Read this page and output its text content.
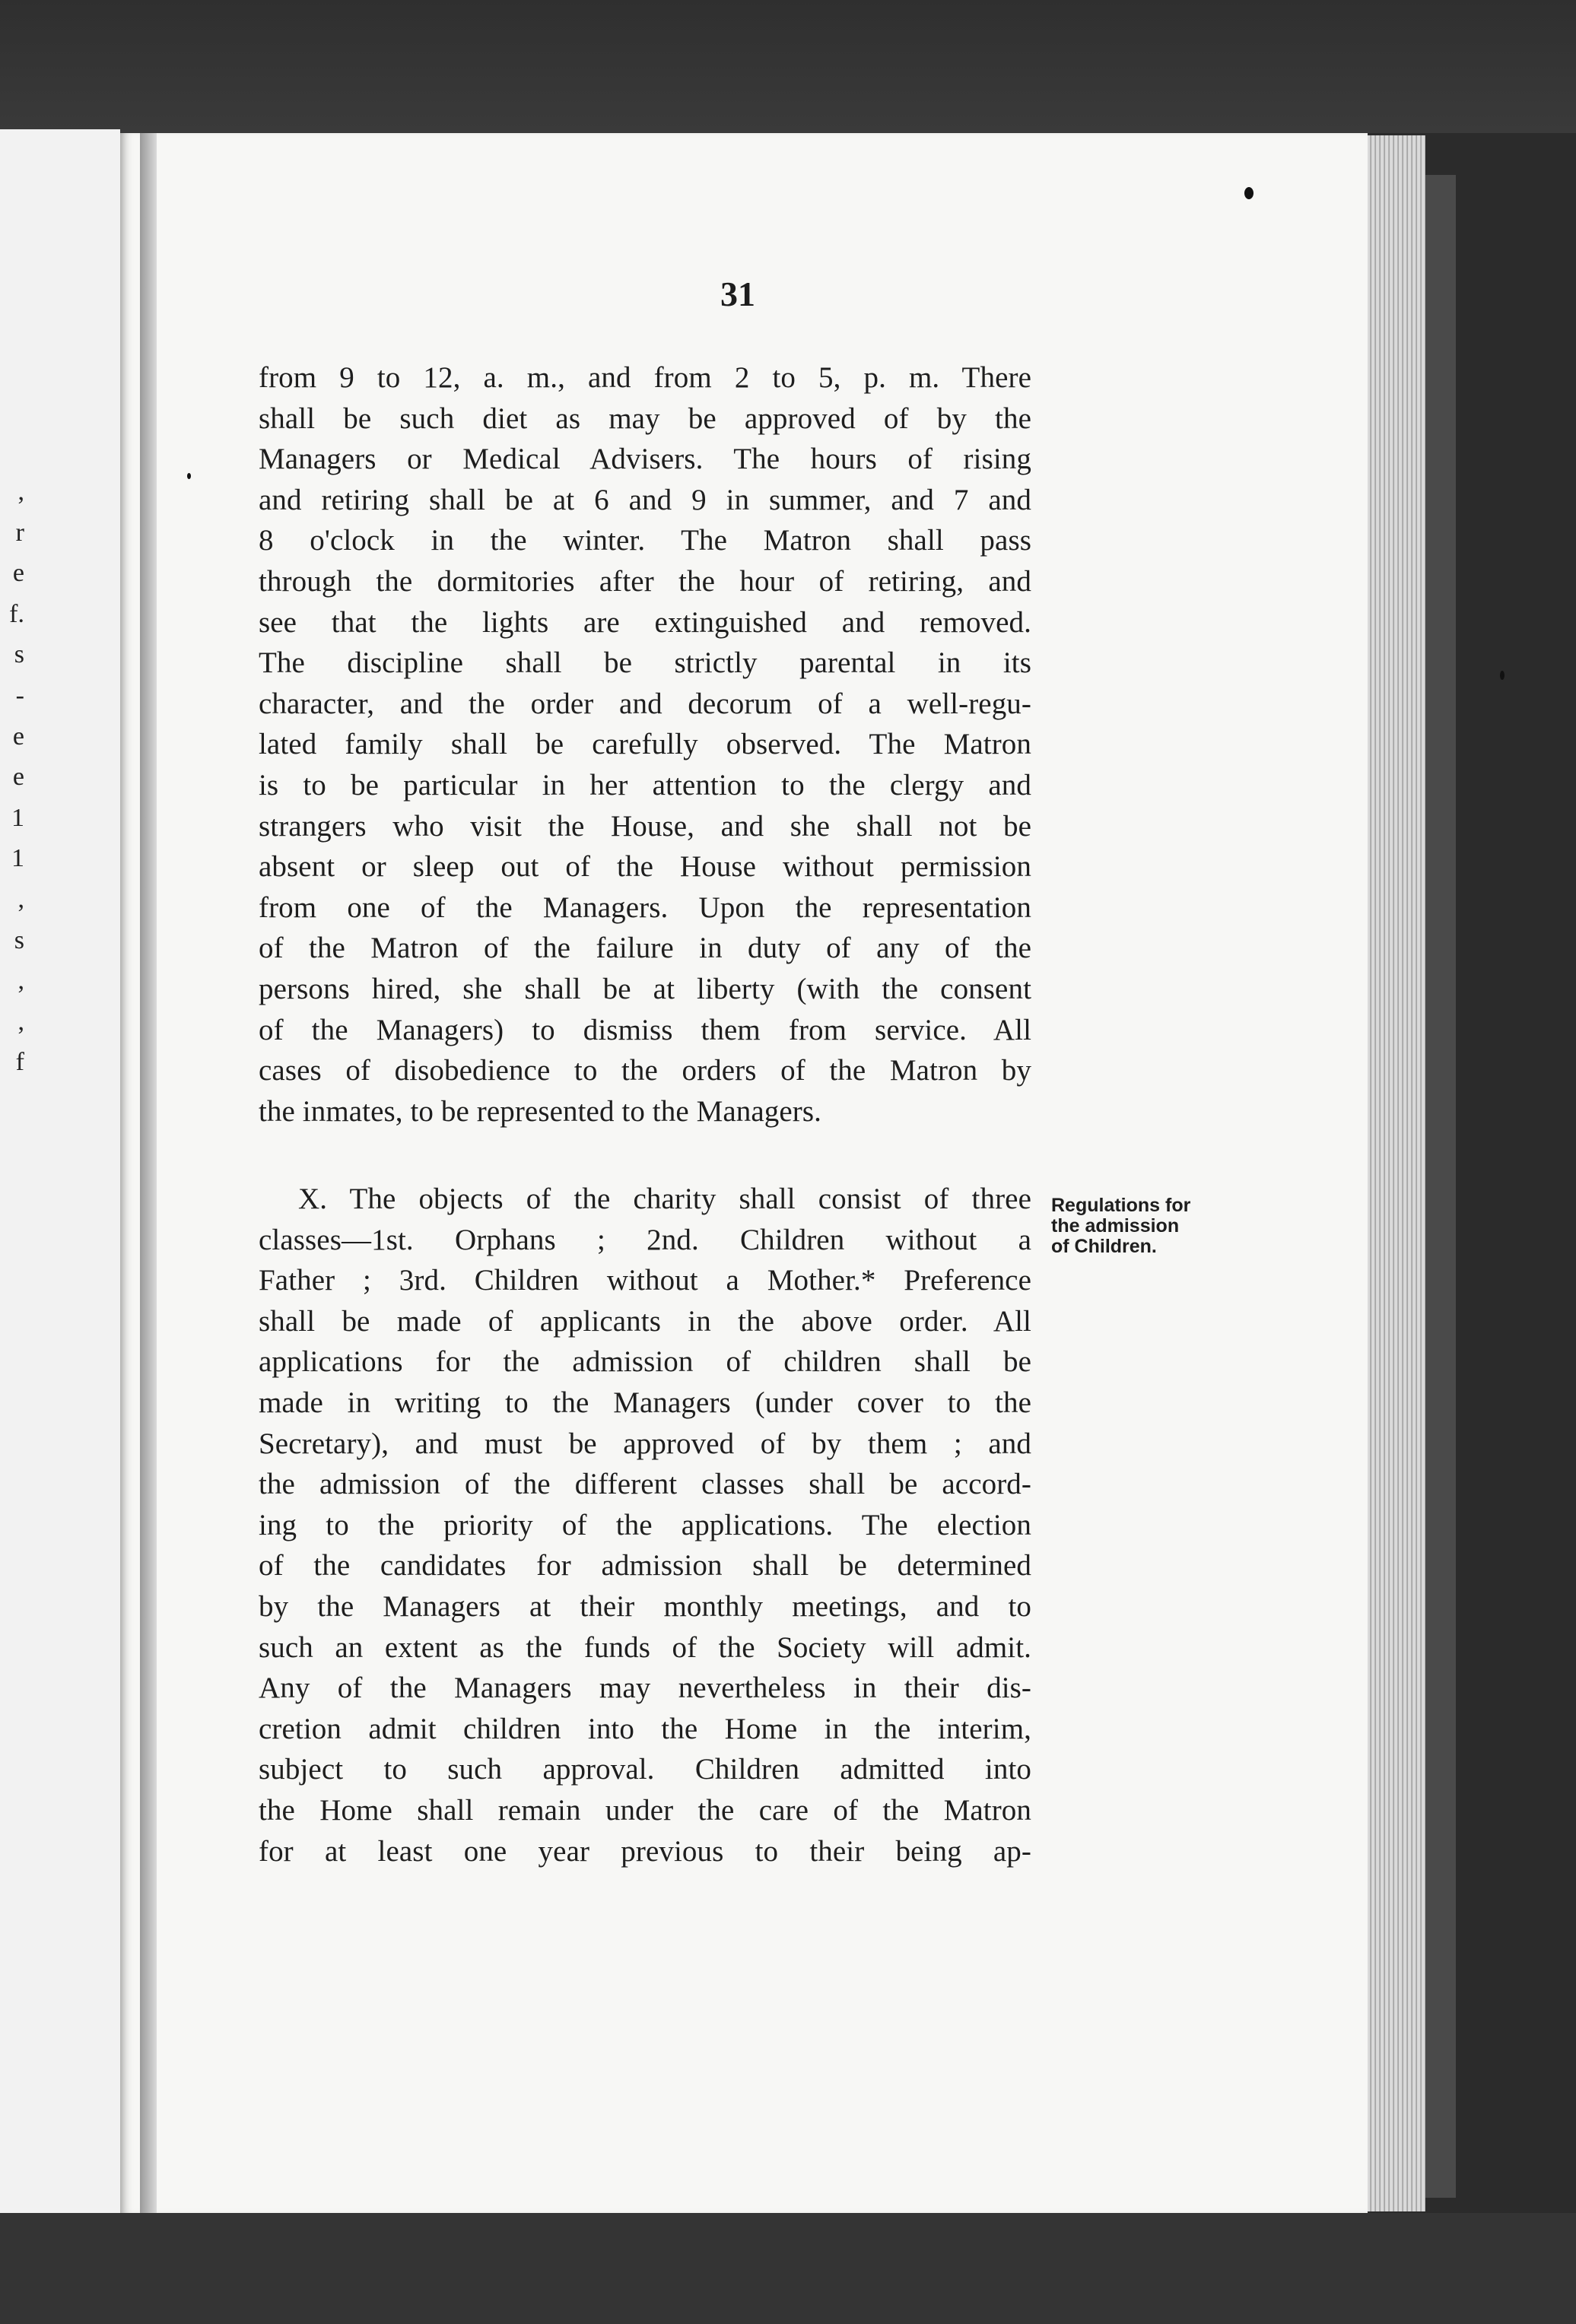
,
r
e
f.
s
-
e
e
1
1
,
s
,
,
f
31
from 9 to 12, a. m., and from 2 to 5, p. m. There
shall be such diet as may be approved of by the
Managers or Medical Advisers. The hours of rising
and retiring shall be at 6 and 9 in summer, and 7 and
8 o'clock in the winter. The Matron shall pass
through the dormitories after the hour of retiring, and
see that the lights are extinguished and removed.
The discipline shall be strictly parental in its
character, and the order and decorum of a well-regu-
lated family shall be carefully observed. The Matron
is to be particular in her attention to the clergy and
strangers who visit the House, and she shall not be
absent or sleep out of the House without permission
from one of the Managers. Upon the representation
of the Matron of the failure in duty of any of the
persons hired, she shall be at liberty (with the consent
of the Managers) to dismiss them from service. All
cases of disobedience to the orders of the Matron by
the inmates, to be represented to the Managers.
X. The objects of the charity shall consist of three
classes—1st. Orphans ; 2nd. Children without a
Father ; 3rd. Children without a Mother.* Preference
shall be made of applicants in the above order. All
applications for the admission of children shall be
made in writing to the Managers (under cover to the
Secretary), and must be approved of by them ; and
the admission of the different classes shall be accord-
ing to the priority of the applications. The election
of the candidates for admission shall be determined
by the Managers at their monthly meetings, and to
such an extent as the funds of the Society will admit.
Any of the Managers may nevertheless in their dis-
cretion admit children into the Home in the interim,
subject to such approval. Children admitted into
the Home shall remain under the care of the Matron
for at least one year previous to their being ap-
Regulations for
the admission
of Children.
